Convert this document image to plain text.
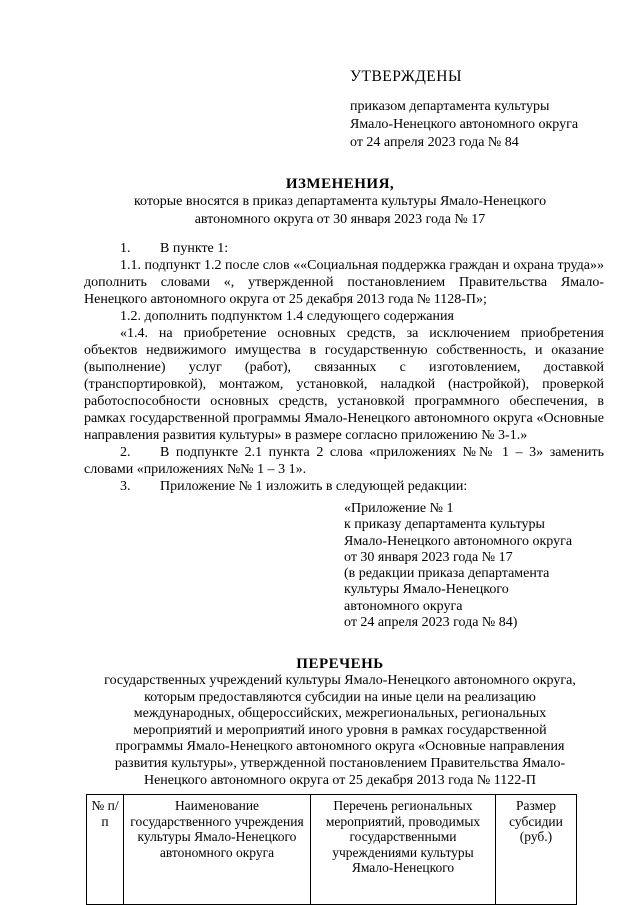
УТВЕРЖДЕНЫ
приказом департамента культуры
Ямало-Ненецкого автономного округа
от 24 апреля 2023 года № 84
ИЗМЕНЕНИЯ,
которые вносятся в приказ департамента культуры Ямало-Ненецкого
автономного округа от 30 января 2023 года № 17
1.	В пункте 1:

1.1. подпункт 1.2 после слов ««Социальная поддержка граждан и охрана труда»» дополнить словами «, утвержденной постановлением Правительства Ямало-Ненецкого автономного округа от 25 декабря 2013 года № 1128-П»;

1.2. дополнить подпунктом 1.4 следующего содержания

«1.4. на приобретение основных средств, за исключением приобретения объектов недвижимого имущества в государственную собственность, и оказание (выполнение) услуг (работ), связанных с изготовлением, доставкой (транспортировкой), монтажом, установкой, наладкой (настройкой), проверкой работоспособности основных средств, установкой программного обеспечения, в рамках государственной программы Ямало-Ненецкого автономного округа «Основные направления развития культуры» в размере согласно приложению № 3-1.»

2.	В подпункте 2.1 пункта 2 слова «приложениях №№ 1 – 3» заменить словами «приложениях №№ 1 – 3 1».
3.	Приложение № 1 изложить в следующей редакции:
«Приложение № 1
к приказу департамента культуры
Ямало-Ненецкого автономного округа
от 30 января 2023 года № 17
(в редакции приказа департамента
культуры Ямало-Ненецкого
автономного округа
от 24 апреля 2023 года № 84)
ПЕРЕЧЕНЬ
государственных учреждений культуры Ямало-Ненецкого автономного округа,
которым предоставляются субсидии на иные цели на реализацию
международных, общероссийских, межрегиональных, региональных
мероприятий и мероприятий иного уровня в рамках государственной
программы Ямало-Ненецкого автономного округа «Основные направления
развития культуры», утвержденной постановлением Правительства Ямало-
Ненецкого автономного округа от 25 декабря 2013 года № 1122-П
№ п/п	Наименование государственного учреждения культуры Ямало-Ненецкого автономного округа	Перечень региональных мероприятий, проводимых государственными учреждениями культуры Ямало-Ненецкого	Размер субсидии (руб.)
